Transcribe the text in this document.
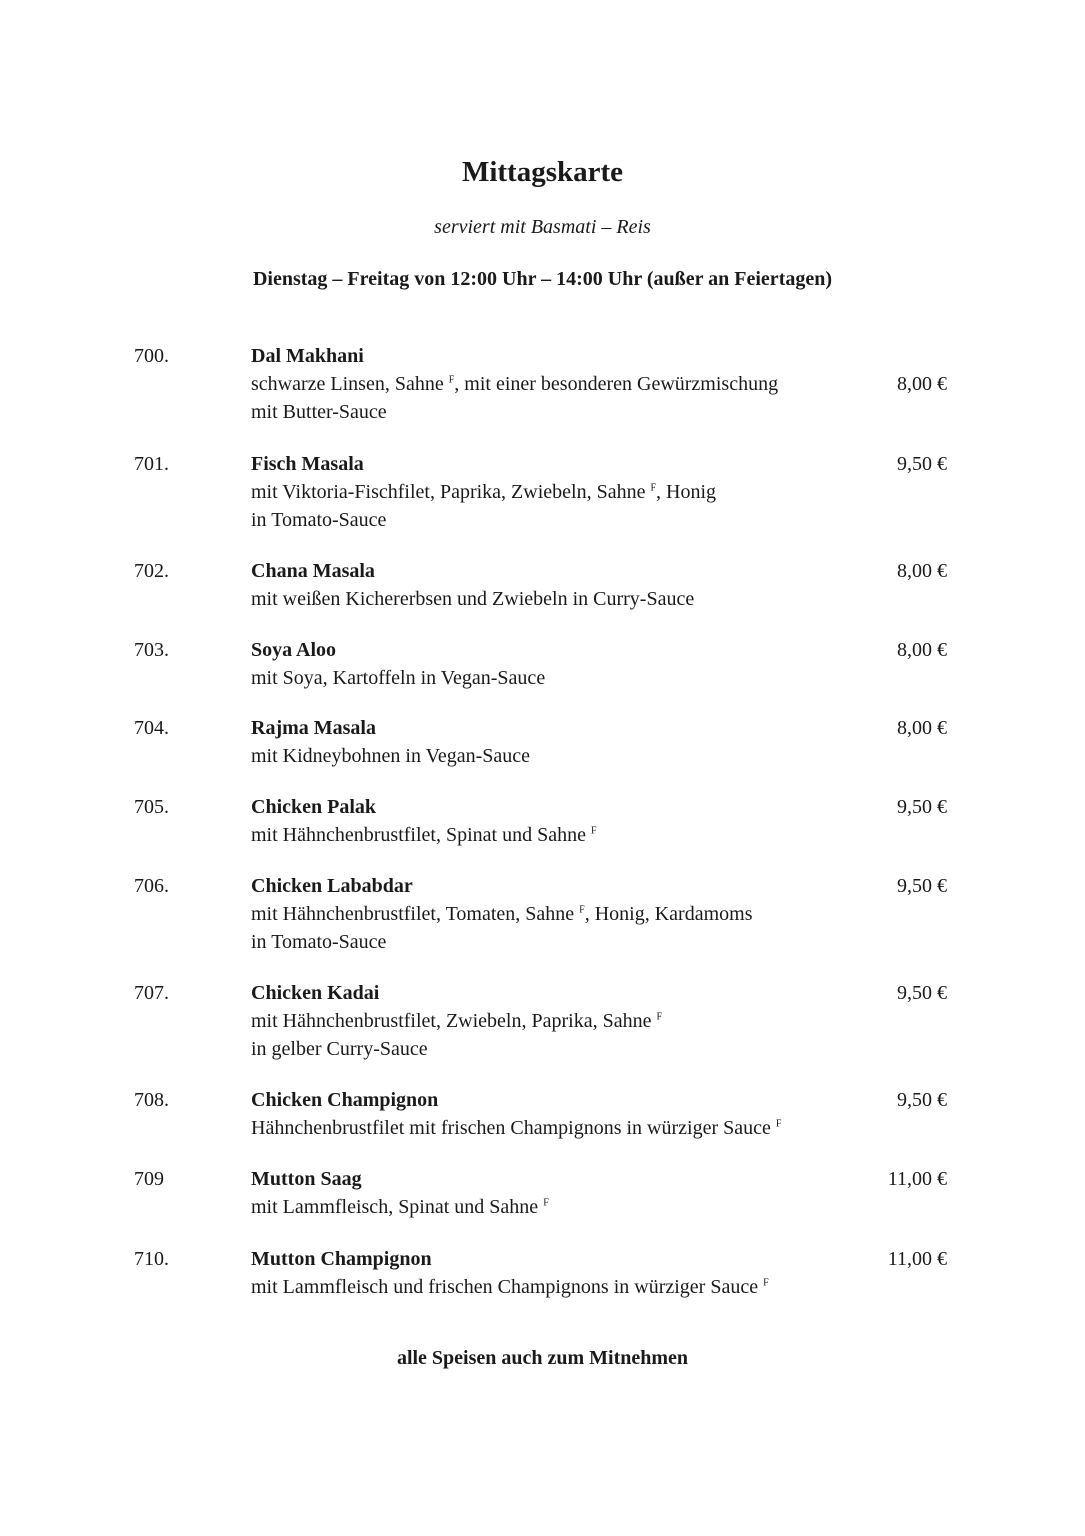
Mittagskarte

serviert mit Basmati – Reis

Dienstag – Freitag von 12:00 Uhr – 14:00 Uhr (außer an Feiertagen)

700.	Dal Makhani
schwarze Linsen, Sahne $^F$, mit einer besonderen Gewürzmischung
mit Butter-Sauce
8,00 €
701.	Fisch Masala
mit Viktoria-Fischfilet, Paprika, Zwiebeln, Sahne $^F$, Honig
in Tomato-Sauce
9,50 €
702.	Chana Masala
mit weißen Kichererbsen und Zwiebeln in Curry-Sauce
8,00 €
703.	Soya Aloo
mit Soya, Kartoffeln in Vegan-Sauce
8,00 €
704.	Rajma Masala
mit Kidneybohnen in Vegan-Sauce
8,00 €
705.	Chicken Palak
mit Hähnchenbrustfilet, Spinat und Sahne $^F$
9,50 €
706.	Chicken Lababdar
mit Hähnchenbrustfilet, Tomaten, Sahne $^F$, Honig, Kardamoms
in Tomato-Sauce
9,50 €
707.	Chicken Kadai
mit Hähnchenbrustfilet, Zwiebeln, Paprika, Sahne $^F$
in gelber Curry-Sauce
9,50 €
708.	Chicken Champignon
Hähnchenbrustfilet mit frischen Champignons in würziger Sauce $^F$
9,50 €
709	Mutton Saag
mit Lammfleisch, Spinat und Sahne $^F$
11,00 €
710.	Mutton Champignon
mit Lammfleisch und frischen Champignons in würziger Sauce $^F$
11,00 €

alle Speisen auch zum Mitnehmen
